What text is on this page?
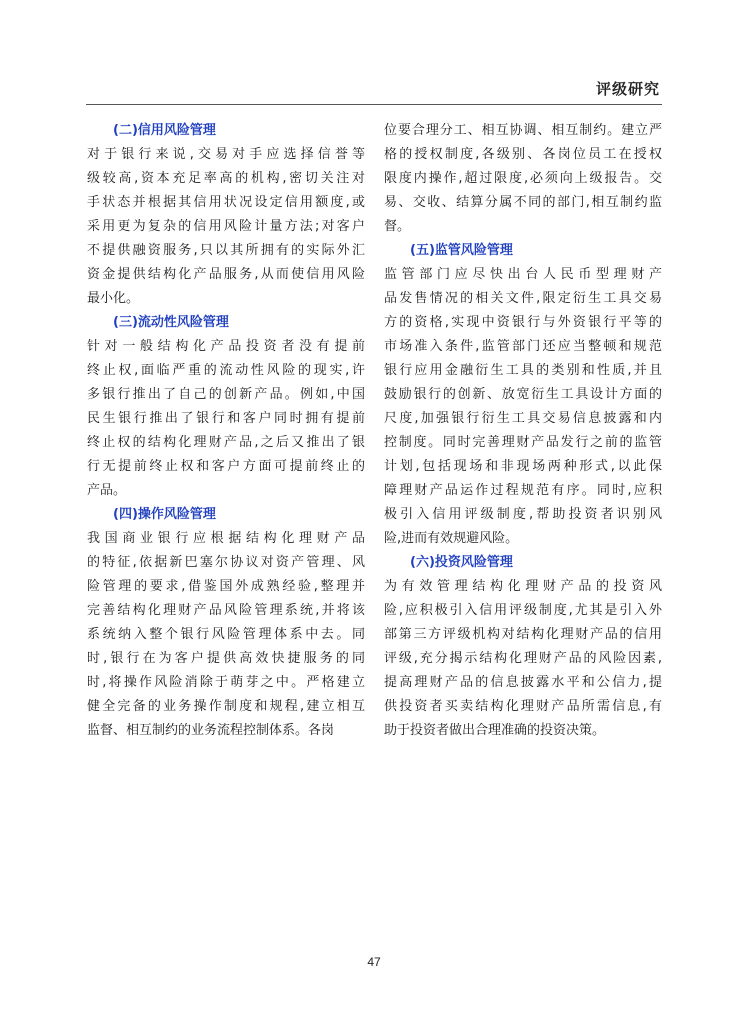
评级研究
(二)信用风险管理
对于银行来说,交易对手应选择信誉等
级较高,资本充足率高的机构,密切关注对
手状态并根据其信用状况设定信用额度,或
采用更为复杂的信用风险计量方法;对客户
不提供融资服务,只以其所拥有的实际外汇
资金提供结构化产品服务,从而使信用风险
最小化。
(三)流动性风险管理
针对一般结构化产品投资者没有提前
终止权,面临严重的流动性风险的现实,许
多银行推出了自己的创新产品。例如,中国
民生银行推出了银行和客户同时拥有提前
终止权的结构化理财产品,之后又推出了银
行无提前终止权和客户方面可提前终止的
产品。
(四)操作风险管理
我国商业银行应根据结构化理财产品
的特征,依据新巴塞尔协议对资产管理、风
险管理的要求,借鉴国外成熟经验,整理并
完善结构化理财产品风险管理系统,并将该
系统纳入整个银行风险管理体系中去。同
时,银行在为客户提供高效快捷服务的同
时,将操作风险消除于萌芽之中。严格建立
健全完备的业务操作制度和规程,建立相互
监督、相互制约的业务流程控制体系。各岗
位要合理分工、相互协调、相互制约。建立严
格的授权制度,各级别、各岗位员工在授权
限度内操作,超过限度,必须向上级报告。交
易、交收、结算分属不同的部门,相互制约监
督。
(五)监管风险管理
监管部门应尽快出台人民币型理财产
品发售情况的相关文件,限定衍生工具交易
方的资格,实现中资银行与外资银行平等的
市场准入条件,监管部门还应当整顿和规范
银行应用金融衍生工具的类别和性质,并且
鼓励银行的创新、放宽衍生工具设计方面的
尺度,加强银行衍生工具交易信息披露和内
控制度。同时完善理财产品发行之前的监管
计划,包括现场和非现场两种形式,以此保
障理财产品运作过程规范有序。同时,应积
极引入信用评级制度,帮助投资者识别风
险,进而有效规避风险。
(六)投资风险管理
为有效管理结构化理财产品的投资风
险,应积极引入信用评级制度,尤其是引入外
部第三方评级机构对结构化理财产品的信用
评级,充分揭示结构化理财产品的风险因素,
提高理财产品的信息披露水平和公信力,提
供投资者买卖结构化理财产品所需信息,有
助于投资者做出合理准确的投资决策。
47
